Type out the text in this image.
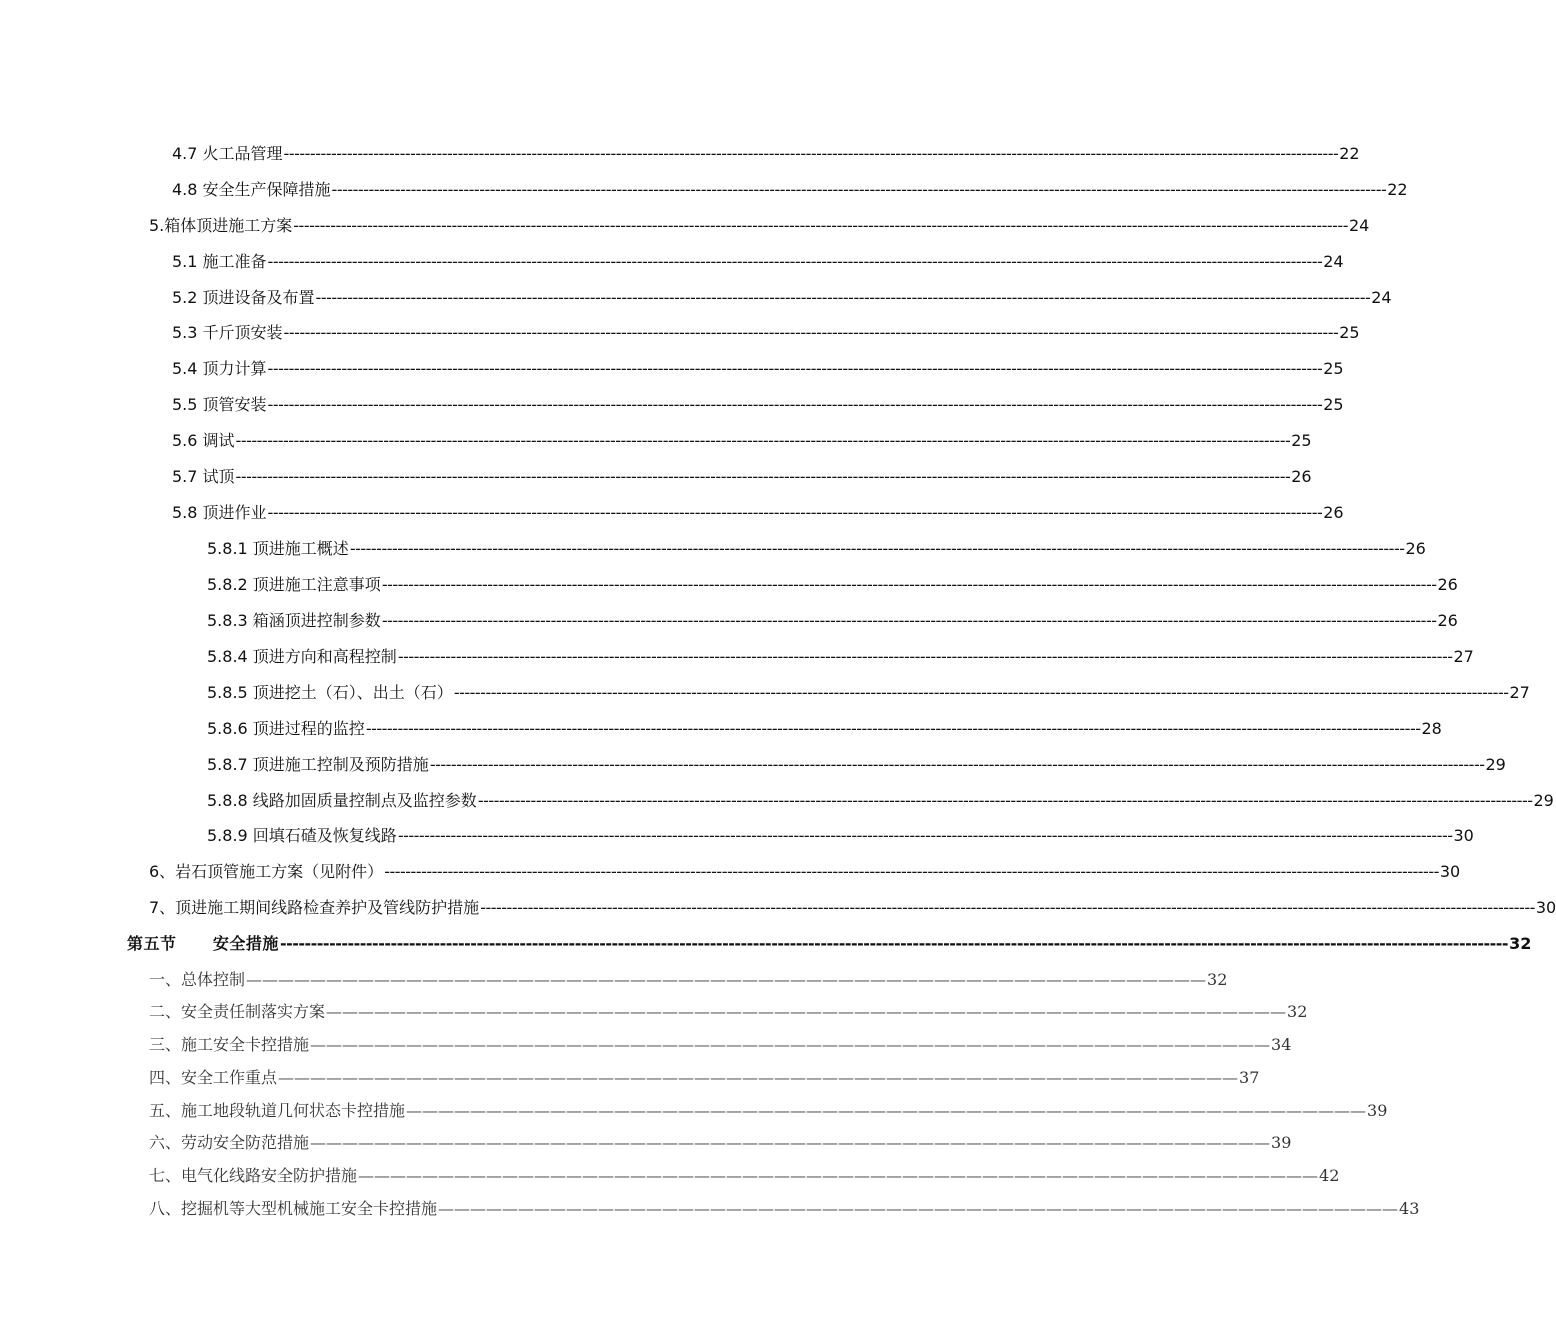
4.7 火工品管理 -------------------------------------------------------------------------------------------------------------------------------------------------------------------------------------------------------- 22
4.8 安全生产保障措施 -------------------------------------------------------------------------------------------------------------------------------------------------------------------------------------------------------- 22
5.箱体顶进施工方案 -------------------------------------------------------------------------------------------------------------------------------------------------------------------------------------------------------- 24
5.1 施工准备 -------------------------------------------------------------------------------------------------------------------------------------------------------------------------------------------------------- 24
5.2 顶进设备及布置 -------------------------------------------------------------------------------------------------------------------------------------------------------------------------------------------------------- 24
5.3 千斤顶安装 -------------------------------------------------------------------------------------------------------------------------------------------------------------------------------------------------------- 25
5.4 顶力计算 -------------------------------------------------------------------------------------------------------------------------------------------------------------------------------------------------------- 25
5.5 顶管安装 -------------------------------------------------------------------------------------------------------------------------------------------------------------------------------------------------------- 25
5.6 调试 -------------------------------------------------------------------------------------------------------------------------------------------------------------------------------------------------------- 25
5.7 试顶 -------------------------------------------------------------------------------------------------------------------------------------------------------------------------------------------------------- 26
5.8 顶进作业 -------------------------------------------------------------------------------------------------------------------------------------------------------------------------------------------------------- 26
5.8.1 顶进施工概述 -------------------------------------------------------------------------------------------------------------------------------------------------------------------------------------------------------- 26
5.8.2 顶进施工注意事项 -------------------------------------------------------------------------------------------------------------------------------------------------------------------------------------------------------- 26
5.8.3 箱涵顶进控制参数 -------------------------------------------------------------------------------------------------------------------------------------------------------------------------------------------------------- 26
5.8.4 顶进方向和高程控制 -------------------------------------------------------------------------------------------------------------------------------------------------------------------------------------------------------- 27
5.8.5 顶进挖土（石）、出土（石） -------------------------------------------------------------------------------------------------------------------------------------------------------------------------------------------------------- 27
5.8.6 顶进过程的监控 -------------------------------------------------------------------------------------------------------------------------------------------------------------------------------------------------------- 28
5.8.7 顶进施工控制及预防措施 -------------------------------------------------------------------------------------------------------------------------------------------------------------------------------------------------------- 29
5.8.8 线路加固质量控制点及监控参数 -------------------------------------------------------------------------------------------------------------------------------------------------------------------------------------------------------- 29
5.8.9 回填石碴及恢复线路 -------------------------------------------------------------------------------------------------------------------------------------------------------------------------------------------------------- 30
6、岩石顶管施工方案（见附件） -------------------------------------------------------------------------------------------------------------------------------------------------------------------------------------------------------- 30
7、顶进施工期间线路检查养护及管线防护措施 -------------------------------------------------------------------------------------------------------------------------------------------------------------------------------------------------------- 30
第五节      安全措施 -------------------------------------------------------------------------------------------------------------------------------------------------------------------------------------------------------- 32
一、总体控制 ———————————————————————————————————————————————————————————— 32
二、安全责任制落实方案 ———————————————————————————————————————————————————————————— 32
三、施工安全卡控措施 ———————————————————————————————————————————————————————————— 34
四、安全工作重点 ———————————————————————————————————————————————————————————— 37
五、施工地段轨道几何状态卡控措施 ———————————————————————————————————————————————————————————— 39
六、劳动安全防范措施 ———————————————————————————————————————————————————————————— 39
七、电气化线路安全防护措施 ———————————————————————————————————————————————————————————— 42
八、挖掘机等大型机械施工安全卡控措施 ———————————————————————————————————————————————————————————— 43
